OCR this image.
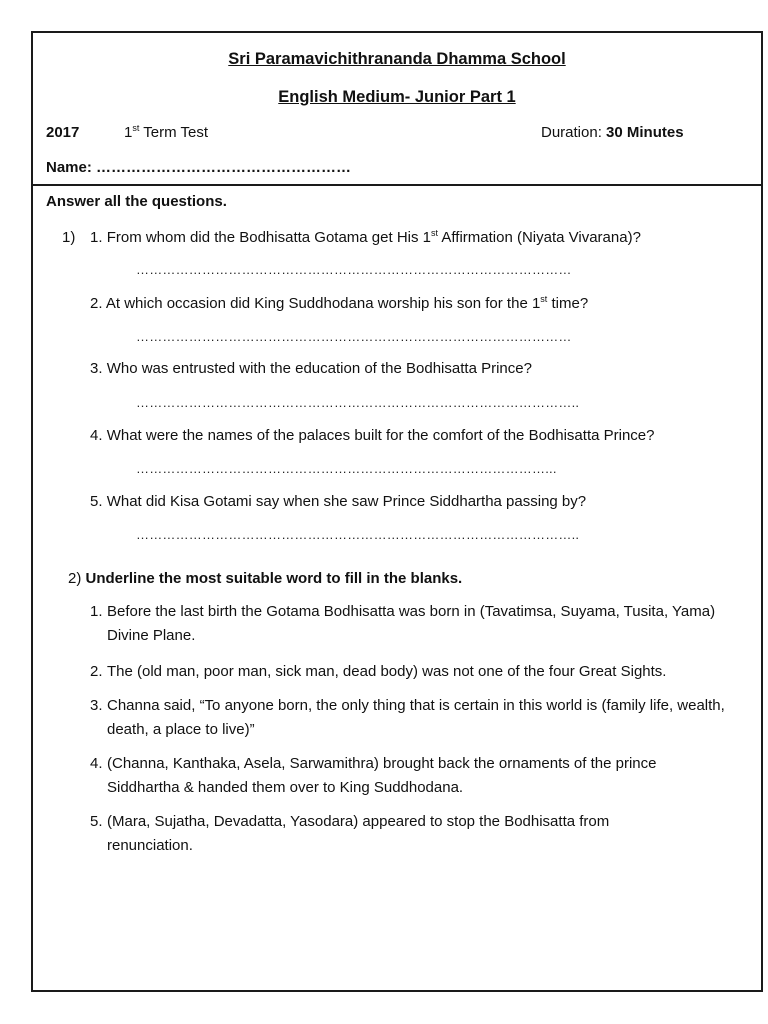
Sri Paramavichithrananda Dhamma School
English Medium- Junior Part 1
2017	1st Term Test	Duration: 30 Minutes
Name: ……………………………………………
Answer all the questions.
1) 1. From whom did the Bodhisatta Gotama get His 1st Affirmation (Niyata Vivarana)?
………………………………………………………………………………………
2. At which occasion did King Suddhodana worship his son for the 1st time?
………………………………………………………………………………………
3. Who was entrusted with the education of the Bodhisatta Prince?
………………………………………………………………………………………..
4. What were the names of the palaces built for the comfort of the Bodhisatta Prince?
…………………………………………………………………………………...
5. What did Kisa Gotami say when she saw Prince Siddhartha passing by?
………………………………………………………………………………………..
2) Underline the most suitable word to fill in the blanks.
1. Before the last birth the Gotama Bodhisatta was born in (Tavatimsa, Suyama, Tusita, Yama) Divine Plane.
2. The (old man, poor man, sick man, dead body) was not one of the four Great Sights.
3. Channa said, “To anyone born, the only thing that is certain in this world is (family life, wealth, death, a place to live)”
4. (Channa, Kanthaka, Asela, Sarwamithra) brought back the ornaments of the prince Siddhartha & handed them over to King Suddhodana.
5. (Mara, Sujatha, Devadatta, Yasodara) appeared to stop the Bodhisatta from renunciation.
